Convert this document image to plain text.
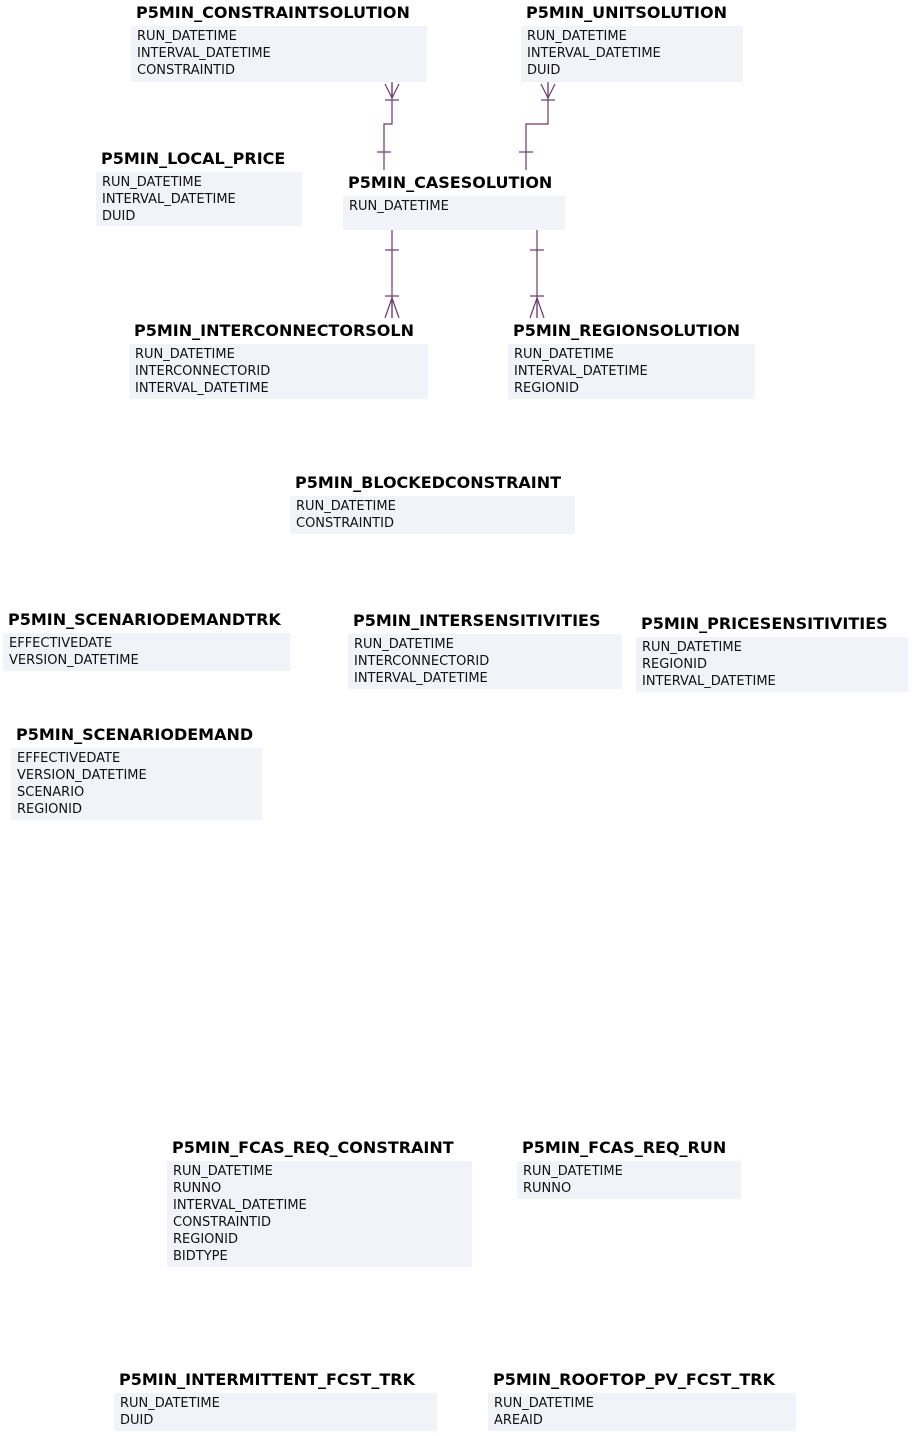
P5MIN_CONSTRAINTSOLUTION
RUN_DATETIME
INTERVAL_DATETIME
CONSTRAINTID
P5MIN_UNITSOLUTION
RUN_DATETIME
INTERVAL_DATETIME
DUID
P5MIN_LOCAL_PRICE
RUN_DATETIME
INTERVAL_DATETIME
DUID
P5MIN_CASESOLUTION
RUN_DATETIME
P5MIN_INTERCONNECTORSOLN
RUN_DATETIME
INTERCONNECTORID
INTERVAL_DATETIME
P5MIN_REGIONSOLUTION
RUN_DATETIME
INTERVAL_DATETIME
REGIONID
P5MIN_BLOCKEDCONSTRAINT
RUN_DATETIME
CONSTRAINTID
P5MIN_SCENARIODEMANDTRK
EFFECTIVEDATE
VERSION_DATETIME
P5MIN_INTERSENSITIVITIES
RUN_DATETIME
INTERCONNECTORID
INTERVAL_DATETIME
P5MIN_PRICESENSITIVITIES
RUN_DATETIME
REGIONID
INTERVAL_DATETIME
P5MIN_SCENARIODEMAND
EFFECTIVEDATE
VERSION_DATETIME
SCENARIO
REGIONID
P5MIN_FCAS_REQ_CONSTRAINT
RUN_DATETIME
RUNNO
INTERVAL_DATETIME
CONSTRAINTID
REGIONID
BIDTYPE
P5MIN_FCAS_REQ_RUN
RUN_DATETIME
RUNNO
P5MIN_INTERMITTENT_FCST_TRK
RUN_DATETIME
DUID
P5MIN_ROOFTOP_PV_FCST_TRK
RUN_DATETIME
AREAID
